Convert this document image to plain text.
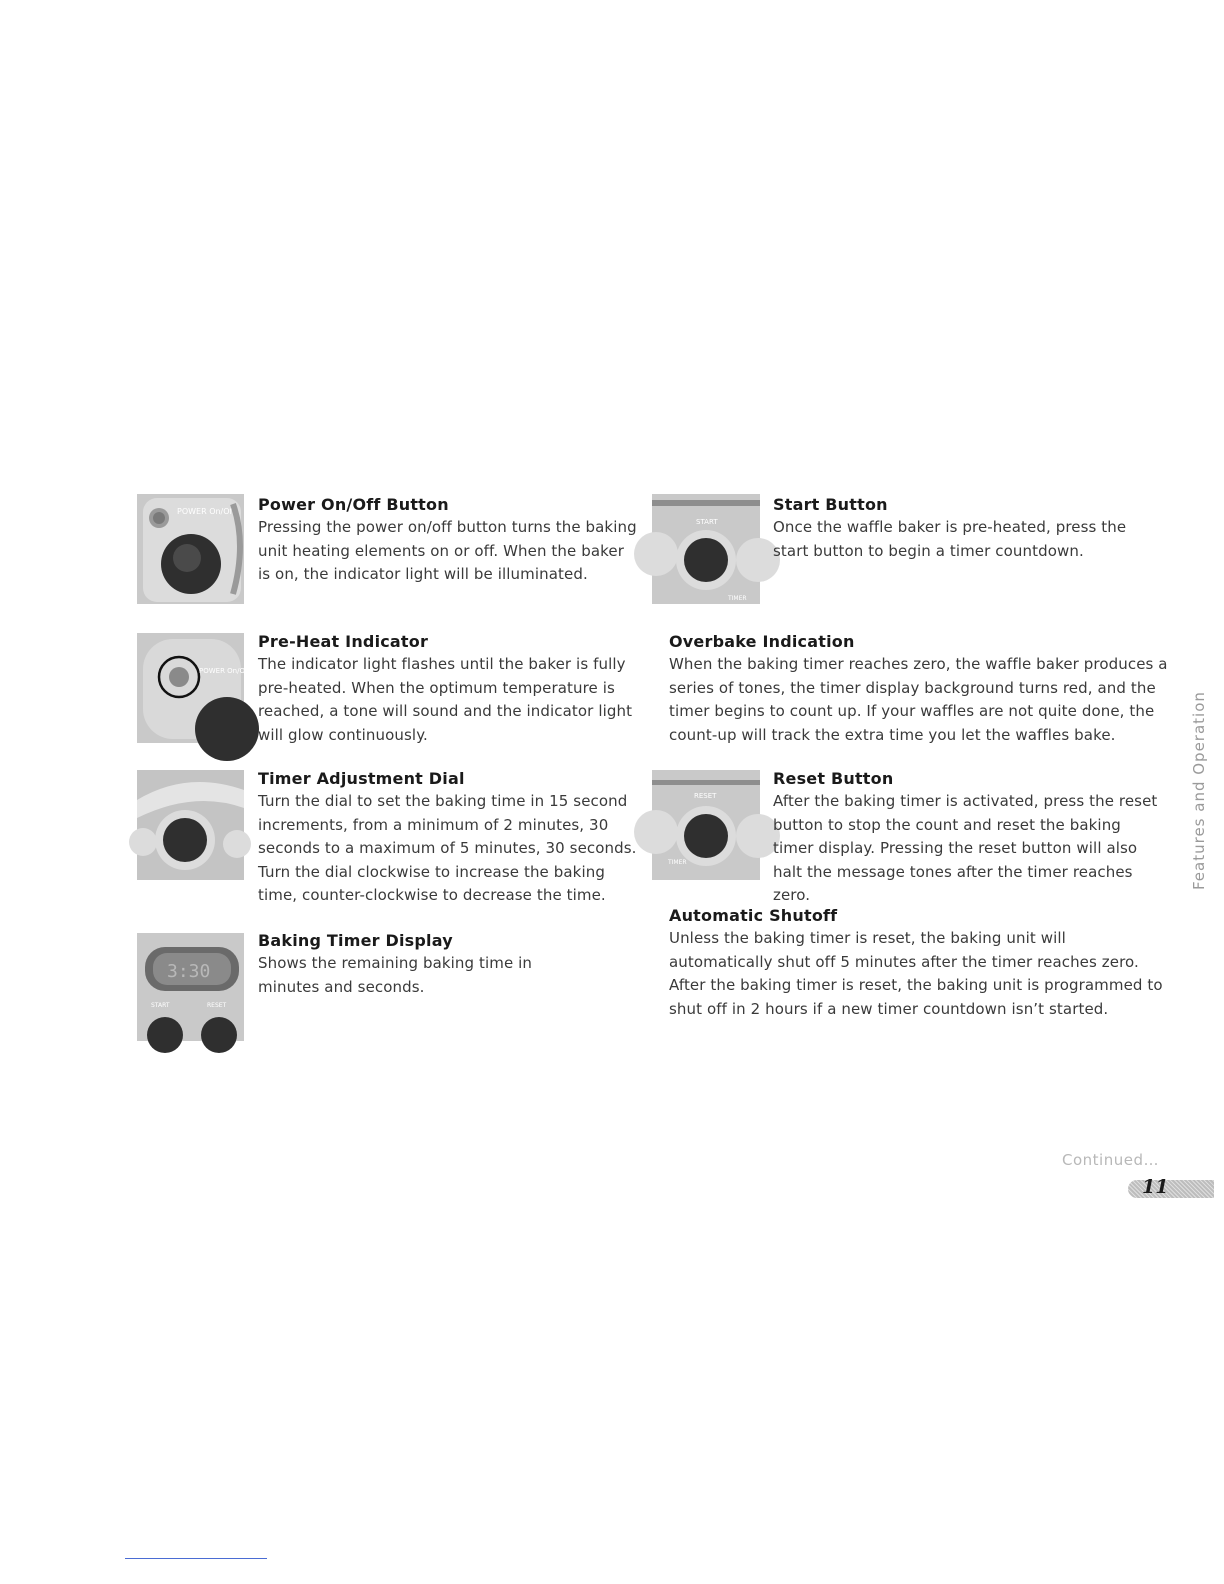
POWER On/Off Power On/Off Button

Pressing the power on/off button turns the baking unit heating elements on or off. When the baker is on, the indicator light will be illuminated.

POWER On/Off
Pre-Heat Indicator

The indicator light flashes until the baker is fully pre-heated. When the optimum temperature is reached, a tone will sound and the indicator light will glow continuously.

Timer Adjustment Dial

Turn the dial to set the baking time in 15 second increments, from a minimum of 2 minutes, 30 seconds to a maximum of 5 minutes, 30 seconds. Turn the dial clockwise to increase the baking time, counter-clockwise to decrease the time.

3:30
START	RESET
Baking Timer Display

Shows the remaining baking time in minutes and seconds.

START
TIMER
Start Button

Once the waffle baker is pre-heated, press the start button to begin a timer countdown.

Overbake Indication

When the baking timer reaches zero, the waffle baker produces a series of tones, the timer display background turns red, and the timer begins to count up. If your waffles are not quite done, the count-up will track the extra time you let the waffles bake.

RESET
TIMER
Reset Button

After the baking timer is activated, press the reset button to stop the count and reset the baking timer display. Pressing the reset button will also halt the message tones after the timer reaches zero.

Automatic Shutoff

Unless the baking timer is reset, the baking unit will automatically shut off 5 minutes after the timer reaches zero. After the baking timer is reset, the baking unit is programmed to shut off in 2 hours if a new timer countdown isn’t started.

Features and Operation
Continued…
11
